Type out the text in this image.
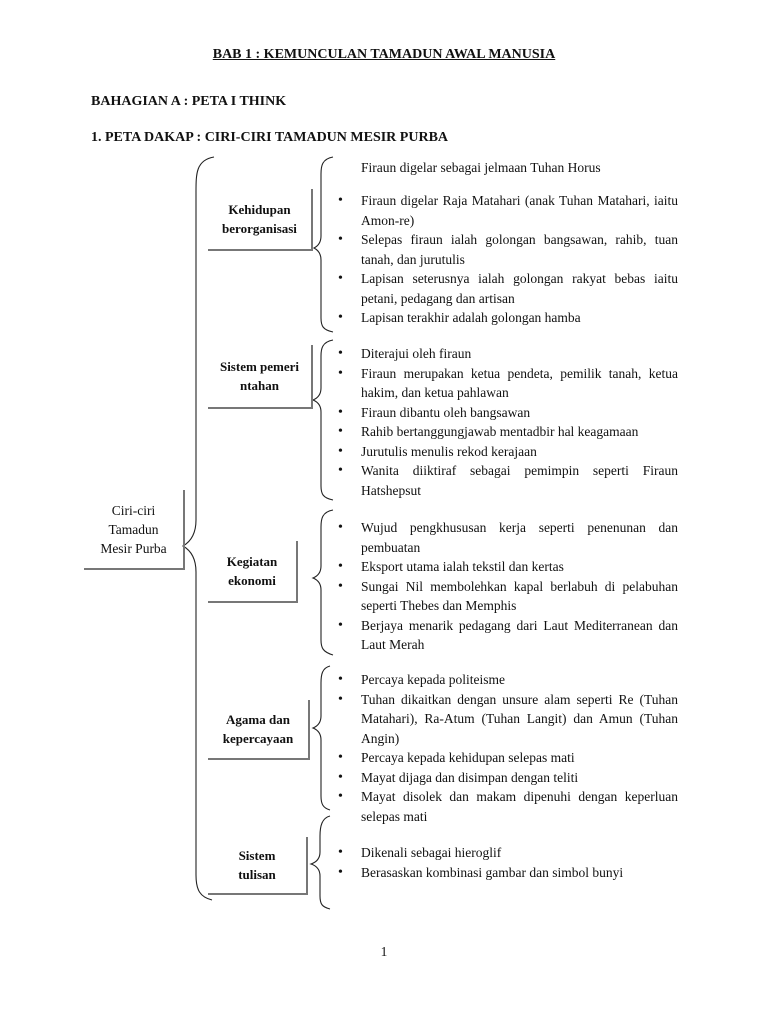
BAB 1 : KEMUNCULAN TAMADUN AWAL MANUSIA
BAHAGIAN A : PETA I THINK
1. PETA DAKAP : CIRI-CIRI TAMADUN MESIR PURBA
Ciri-ciri Tamadun Mesir Purba
Kehidupan berorganisasi
Sistem pemerintahan
Kegiatan ekonomi
Agama dan kepercayaan
Sistem tulisan
Firaun digelar sebagai jelmaan Tuhan Horus
• Firaun digelar Raja Matahari (anak Tuhan Matahari, iaitu Amon-re)
• Selepas firaun ialah golongan bangsawan, rahib, tuan tanah, dan jurutulis
• Lapisan seterusnya ialah golongan rakyat bebas iaitu petani, pedagang dan artisan
• Lapisan terakhir adalah golongan hamba
• Diterajui oleh firaun
• Firaun merupakan ketua pendeta, pemilik tanah, ketua hakim, dan ketua pahlawan
• Firaun dibantu oleh bangsawan
• Rahib bertanggungjawab mentadbir hal keagamaan
• Jurutulis menulis rekod kerajaan
• Wanita diiktiraf sebagai pemimpin seperti Firaun Hatshepsut
• Wujud pengkhususan kerja seperti penenunan dan pembuatan
• Eksport utama ialah tekstil dan kertas
• Sungai Nil membolehkan kapal berlabuh di pelabuhan seperti Thebes dan Memphis
• Berjaya menarik pedagang dari Laut Mediterranean dan Laut Merah
• Percaya kepada politeisme
• Tuhan dikaitkan dengan unsure alam seperti Re (Tuhan Matahari), Ra-Atum (Tuhan Langit) dan Amun (Tuhan Angin)
• Percaya kepada kehidupan selepas mati
• Mayat dijaga dan disimpan dengan teliti
• Mayat disolek dan makam dipenuhi dengan keperluan selepas mati
• Dikenali sebagai hieroglif
• Berasaskan kombinasi gambar dan simbol bunyi
1
